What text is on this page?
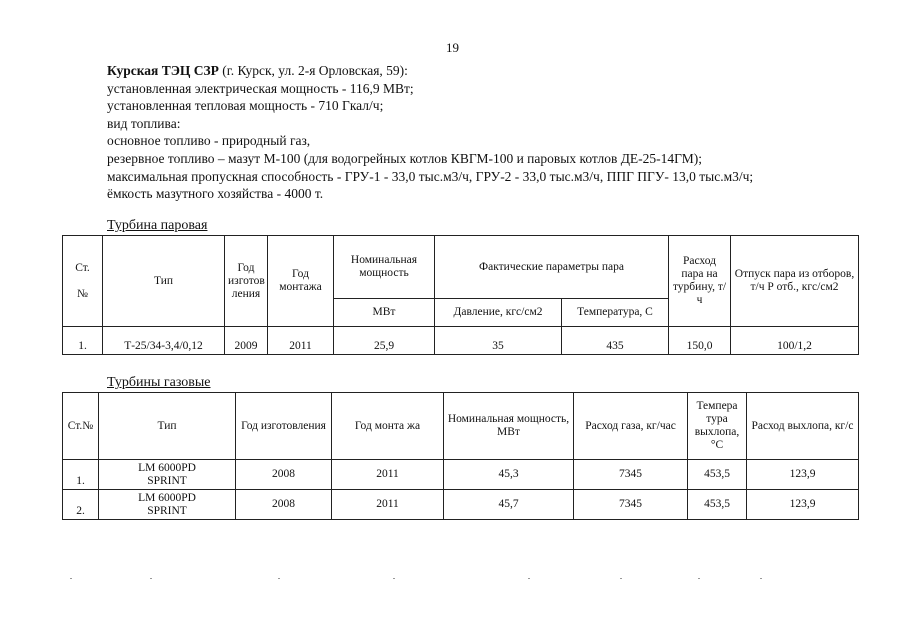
19
Курская ТЭЦ СЗР (г. Курск, ул. 2-я Орловская, 59):
установленная электрическая мощность - 116,9 МВт;
установленная тепловая мощность - 710 Гкал/ч;
вид топлива:
основное топливо - природный газ,
резервное топливо – мазут М-100 (для водогрейных котлов КВГМ-100 и паровых котлов ДЕ-25-14ГМ);
максимальная пропускная способность - ГРУ-1 - 33,0 тыс.м3/ч, ГРУ-2 - 33,0 тыс.м3/ч, ППГ ПГУ- 13,0 тыс.м3/ч;
ёмкость мазутного хозяйства - 4000 т.
Турбина паровая
Ст.

№	Тип	Год изготов ления	Год монтажа	Номинальная мощность	Фактические параметры пара		Расход пара на турбину, т/ч	Отпуск пара из отборов, т/ч Р отб., кгс/см2
				МВт	Давление, кгс/см2	Температура, С		
1.	Т-25/34-3,4/0,12	2009	2011	25,9	35	435	150,0	100/1,2
Турбины газовые
Ст.№	Тип	Год изготовления	Год монта жа	Номинальная мощность, МВт	Расход газа, кг/час	Темпера тура выхлопа, °С	Расход выхлопа, кг/с
1.	LM 6000PD
SPRINT	2008	2011	45,3	7345	453,5	123,9
2.	LM 6000PD
SPRINT	2008	2011	45,7	7345	453,5	123,9
